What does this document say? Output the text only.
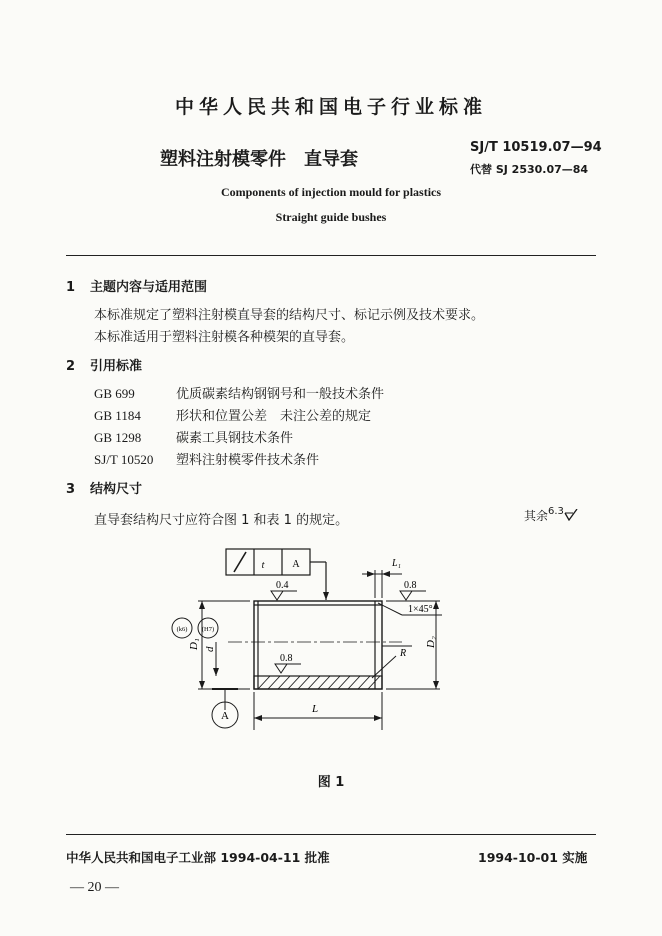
中华人民共和国电子行业标准
塑料注射模零件　直导套
SJ/T 10519.07—94
代替 SJ 2530.07—84
Components of injection mould for plastics
Straight guide bushes
1 主题内容与适用范围
本标准规定了塑料注射模直导套的结构尺寸、标记示例及技术要求。
本标准适用于塑料注射模各种模架的直导套。
2 引用标准
GB 699	优质碳素结构钢钢号和一般技术条件
GB 1184	形状和位置公差　未注公差的规定
GB 1298	碳素工具钢技术条件
SJ/T 10520 塑料注射模零件技术条件
3 结构尺寸
直导套结构尺寸应符合图 1 和表 1 的规定。	其余$^{6.3}$
t	A
0.4	0.8
0.8
1×45°
L₁
L
R
D₁ d
D₂
(k6) (H7)
A
图 1
中华人民共和国电子工业部 1994-04-11 批准	1994-10-01 实施
— 20 —
